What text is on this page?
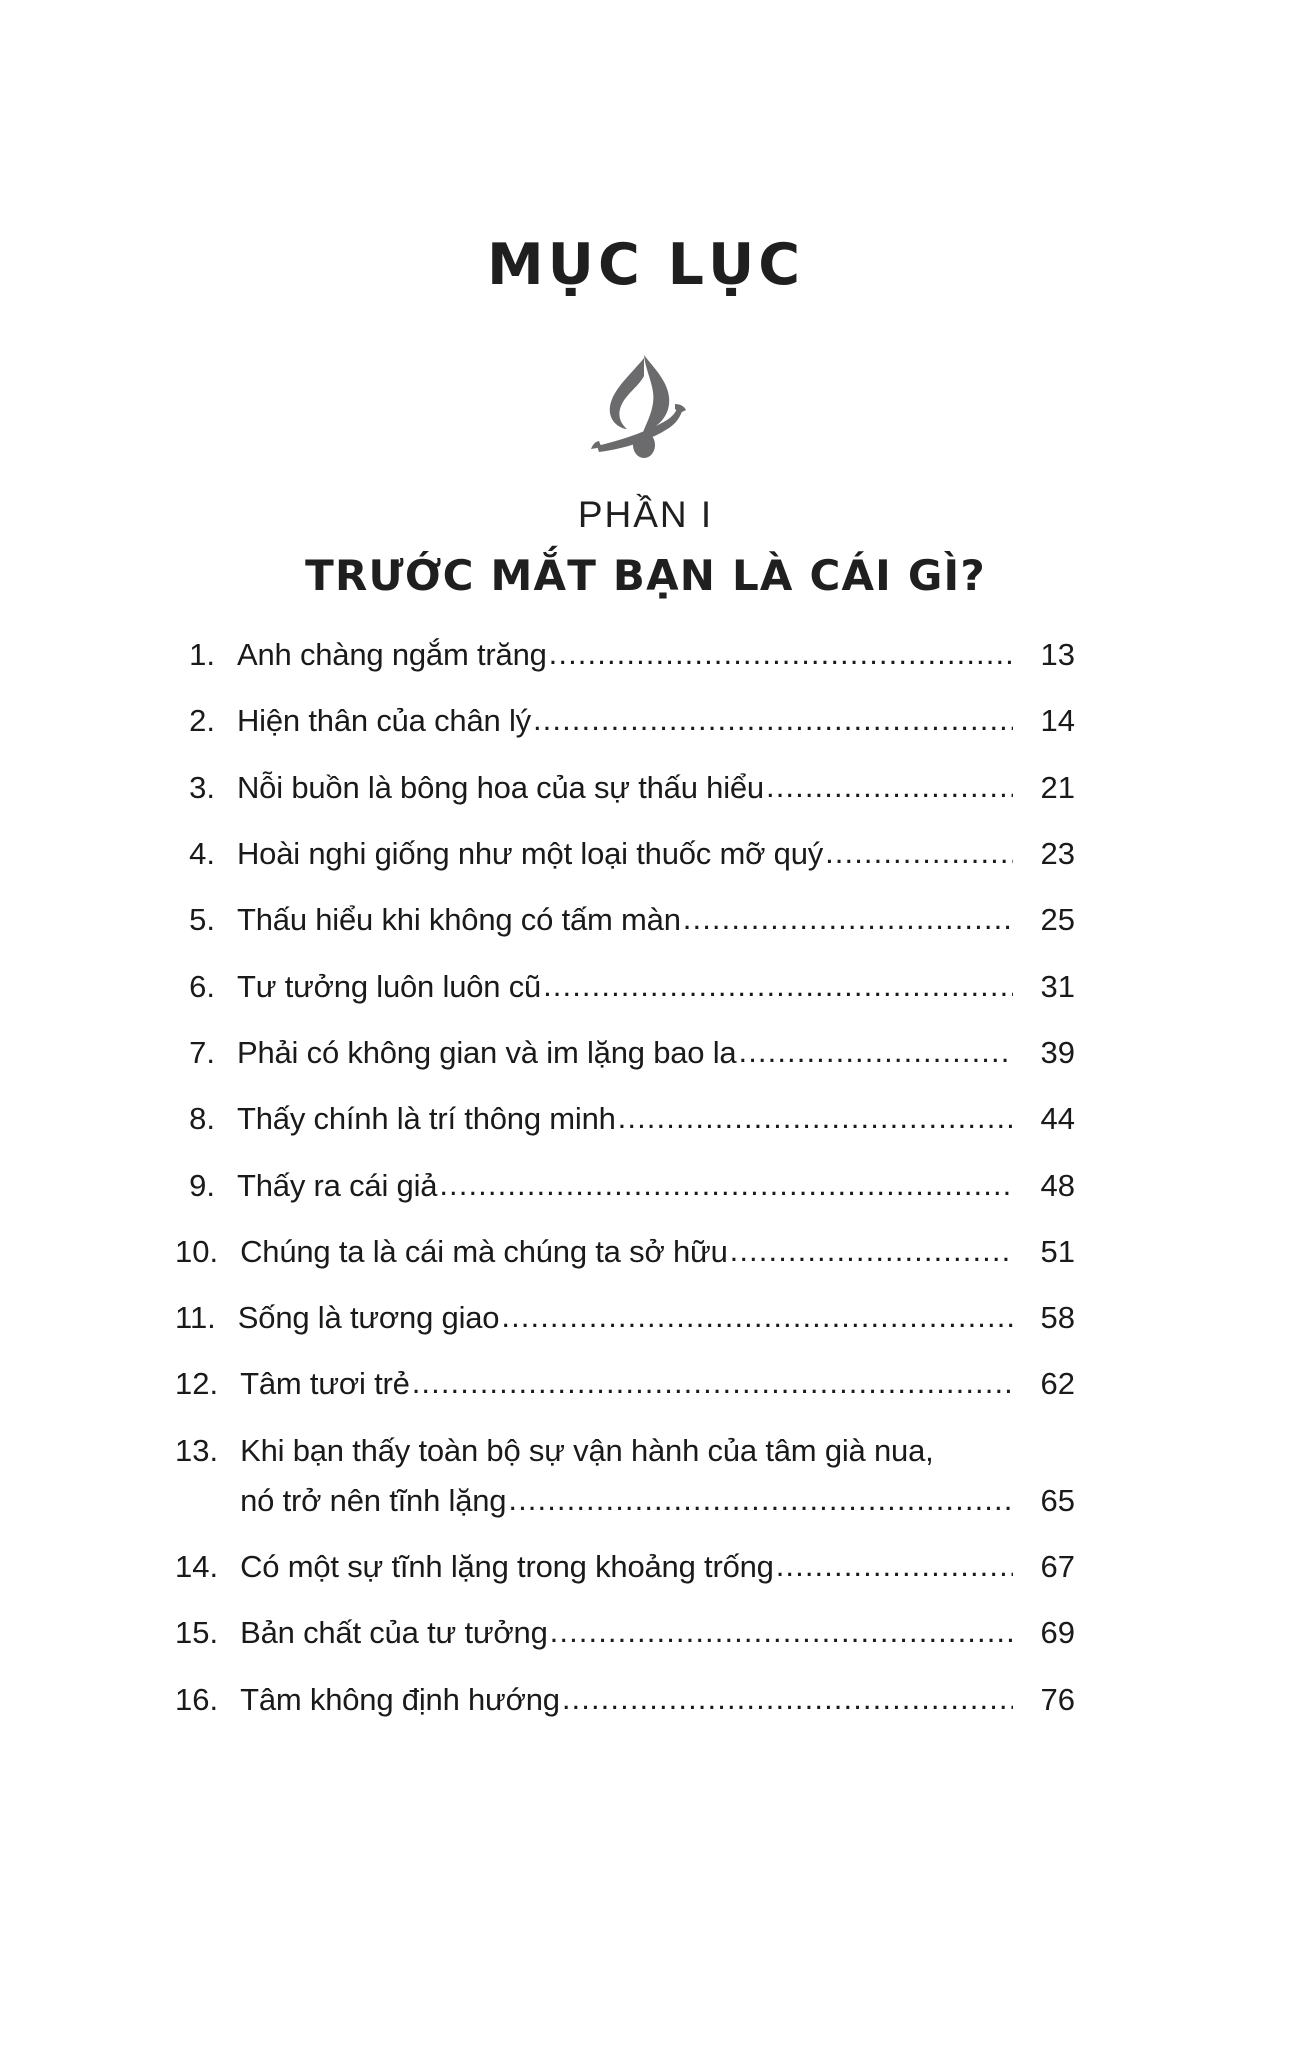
MỤC LỤC
PHẦN I
TRƯỚC MẮT BẠN LÀ CÁI GÌ?
1. Anh chàng ngắm trăng .....	13
2. Hiện thân của chân lý .....	14
3. Nỗi buồn là bông hoa của sự thấu hiểu .....	21
4. Hoài nghi giống như một loại thuốc mỡ quý .....	23
5. Thấu hiểu khi không có tấm màn .....	25
6. Tư tưởng luôn luôn cũ .....	31
7. Phải có không gian và im lặng bao la .....	39
8. Thấy chính là trí thông minh .....	44
9. Thấy ra cái giả .....	48
10. Chúng ta là cái mà chúng ta sở hữu .....	51
11. Sống là tương giao .....	58
12. Tâm tươi trẻ .....	62
13. Khi bạn thấy toàn bộ sự vận hành của tâm già nua,
nó trở nên tĩnh lặng .....	65
14. Có một sự tĩnh lặng trong khoảng trống .....	67
15. Bản chất của tư tưởng .....	69
16. Tâm không định hướng .....	76
